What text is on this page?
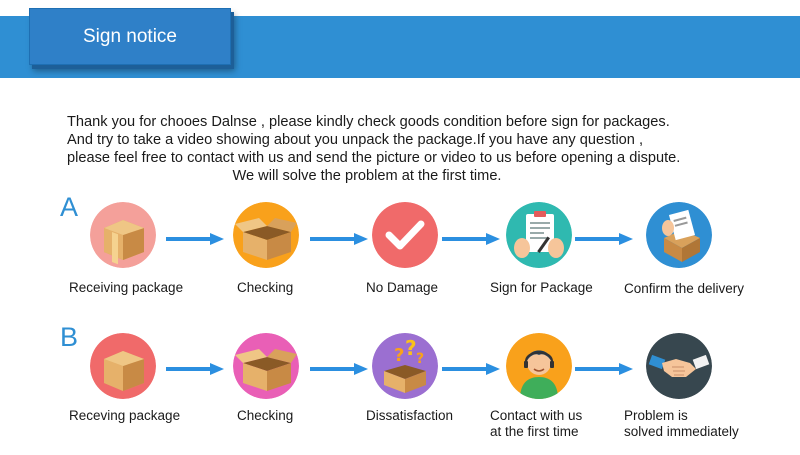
Sign notice
Thank you for chooes Dalnse , please kindly check goods condition before sign for packages.
And try to take a video showing about you unpack the package.If you have any question ,
please feel free to contact with us and send the picture or video to us before opening a dispute.
We will solve the problem at the first time.
A
Receiving package	Checking	No Damage	Sign for Package Confirm the delivery
B
? ? ?
Receving package	Checking	Dissatisfaction	Contact with us
at the first time
Problem is
solved immediately
